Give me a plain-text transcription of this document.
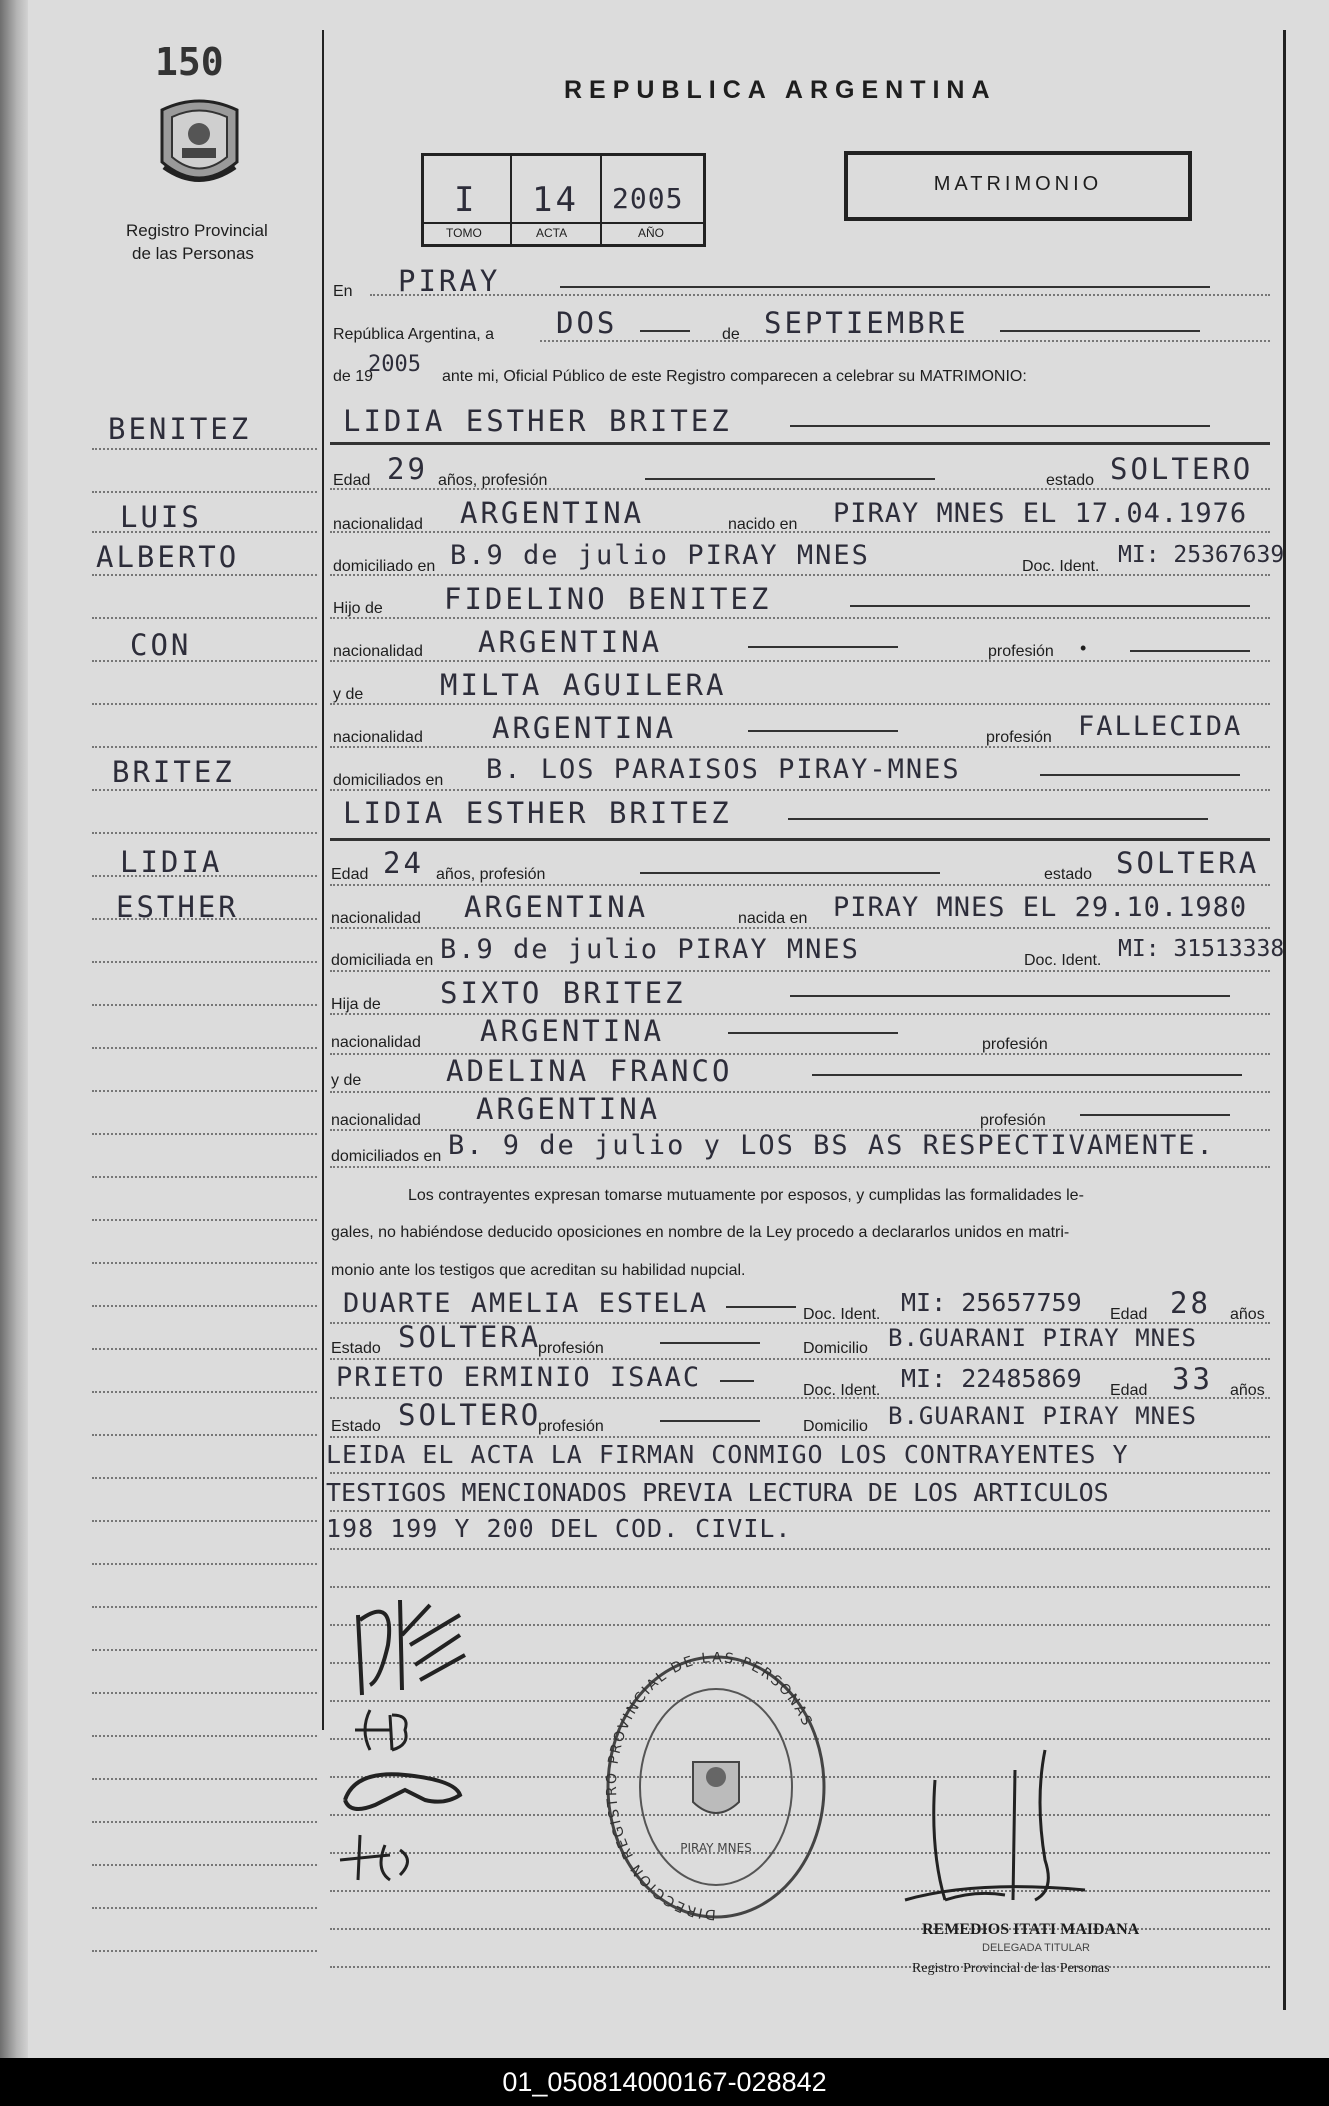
150
Registro Provincial
de las Personas
REPUBLICA ARGENTINA
I 14 2005
TOMO	ACTA	AÑO
MATRIMONIO
BENITEZ
LUIS
ALBERTO
CON
BRITEZ
LIDIA
ESTHER
En PIRAY
República Argentina, a DOS	de SEPTIEMBRE
de 19
2005 ante mi, Oficial Público de este Registro comparecen a celebrar su MATRIMONIO:
LIDIA ESTHER BRITEZ
Edad 29 años, profesión	estado SOLTERO
nacionalidad ARGENTINA	nacido en PIRAY MNES EL 17.04.1976
domiciliado en B.9 de julio PIRAY MNES	Doc. Ident. MI: 25367639
Hijo de FIDELINO BENITEZ
nacionalidad ARGENTINA	profesión •
y de	MILTA AGUILERA
nacionalidad ARGENTINA	profesión FALLECIDA
domiciliados en B. LOS PARAISOS PIRAY-MNES
LIDIA ESTHER BRITEZ
Edad 24 años, profesión	estado SOLTERA
nacionalidad ARGENTINA	nacida en PIRAY MNES EL 29.10.1980
domiciliada en B.9 de julio PIRAY MNES	Doc. Ident. MI: 31513338
Hija de SIXTO BRITEZ
nacionalidad ARGENTINA	profesión
y de	ADELINA FRANCO
nacionalidad ARGENTINA	profesión
domiciliados en B. 9 de julio y LOS BS AS RESPECTIVAMENTE.
Los contrayentes expresan tomarse mutuamente por esposos, y cumplidas las formalidades le-
gales, no habiéndose deducido oposiciones en nombre de la Ley procedo a declararlos unidos en matri-
monio ante los testigos que acreditan su habilidad nupcial.
DUARTE AMELIA ESTELA	Doc. Ident. MI: 25657759 Edad 28 años
Estado SOLTERA
profesión	Domicilio B.GUARANI PIRAY MNES
PRIETO ERMINIO ISAAC	Doc. Ident. MI: 22485869 Edad 33 años
Estado SOLTERO
profesión	Domicilio B.GUARANI PIRAY MNES
LEIDA EL ACTA LA FIRMAN CONMIGO LOS CONTRAYENTES Y
TESTIGOS MENCIONADOS PREVIA LECTURA DE LOS ARTICULOS
198 199 Y 200 DEL COD. CIVIL.
DIRECCION REGISTRO PROVINCIAL DE LAS PERSONAS
PIRAY MNES
REMEDIOS ITATI MAIDANA
DELEGADA TITULAR
Registro Provincial de las Personas
01_050814000167-028842
